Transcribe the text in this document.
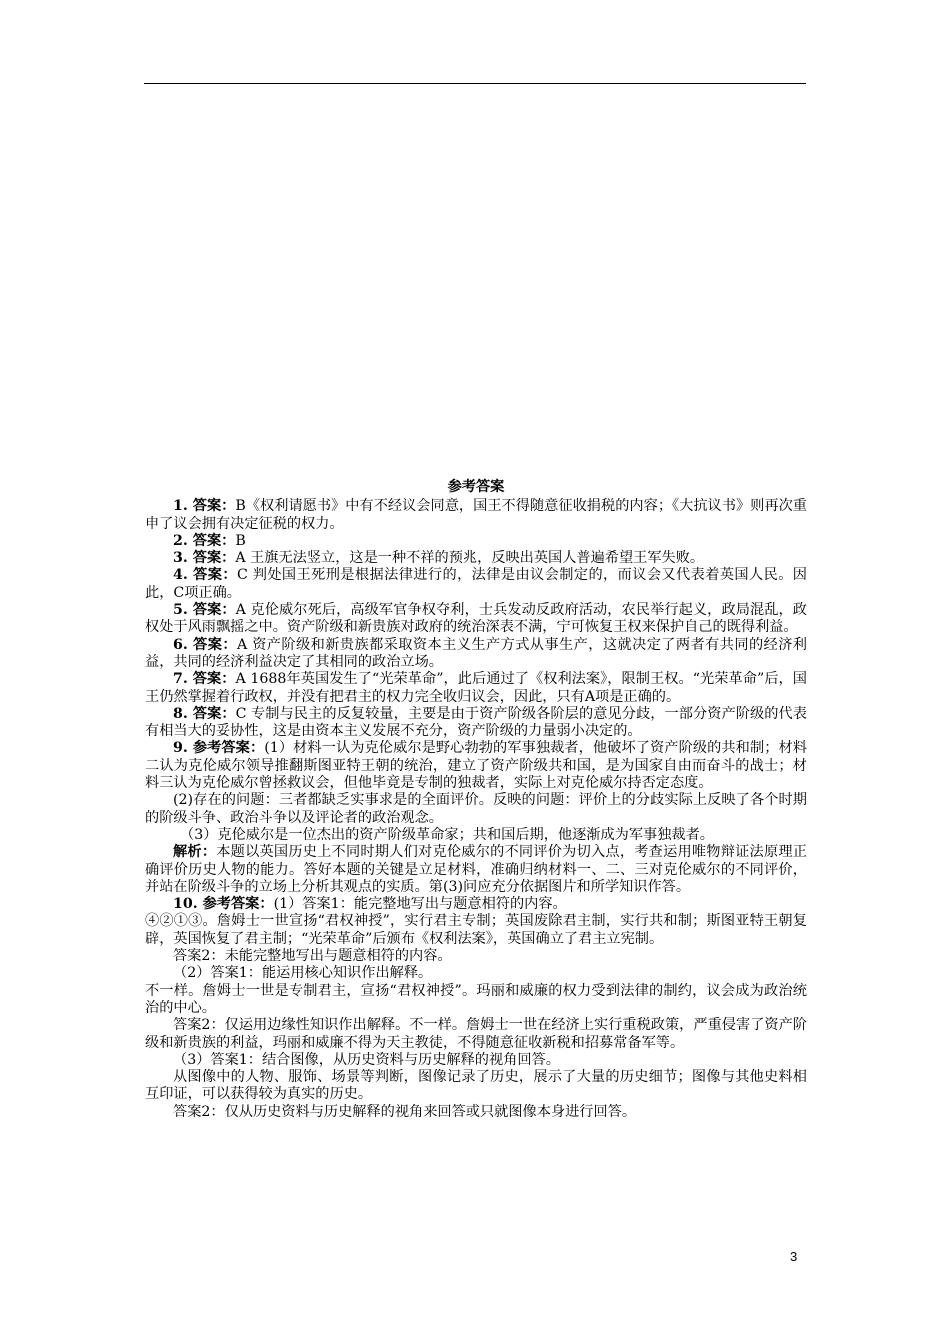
参考答案

1. 答案：B《权利请愿书》中有不经议会同意，国王不得随意征收捐税的内容；《大抗议书》则再次重申了议会拥有决定征税的权力。

2. 答案：B

3. 答案：A 王旗无法竖立，这是一种不祥的预兆，反映出英国人普遍希望王军失败。

4. 答案：C 判处国王死刑是根据法律进行的，法律是由议会制定的，而议会又代表着英国人民。因此，C项正确。

5. 答案：A 克伦威尔死后，高级军官争权夺利，士兵发动反政府活动，农民举行起义，政局混乱，政权处于风雨飘摇之中。资产阶级和新贵族对政府的统治深表不满，宁可恢复王权来保护自己的既得利益。

6. 答案：A 资产阶级和新贵族都采取资本主义生产方式从事生产，这就决定了两者有共同的经济利益，共同的经济利益决定了其相同的政治立场。

7. 答案：A 1688年英国发生了“光荣革命”，此后通过了《权利法案》，限制王权。“光荣革命”后，国王仍然掌握着行政权，并没有把君主的权力完全收归议会，因此，只有A项是正确的。

8. 答案：C 专制与民主的反复较量，主要是由于资产阶级各阶层的意见分歧，一部分资产阶级的代表有相当大的妥协性，这是由资本主义发展不充分，资产阶级的力量弱小决定的。

9. 参考答案：(1）材料一认为克伦威尔是野心勃勃的军事独裁者，他破坏了资产阶级的共和制；材料二认为克伦威尔领导推翻斯图亚特王朝的统治，建立了资产阶级共和国，是为国家自由而奋斗的战士；材料三认为克伦威尔曾拯救议会，但他毕竟是专制的独裁者，实际上对克伦威尔持否定态度。

(2)存在的问题：三者都缺乏实事求是的全面评价。反映的问题：评价上的分歧实际上反映了各个时期的阶级斗争、政治斗争以及评论者的政治观念。

（3）克伦威尔是一位杰出的资产阶级革命家；共和国后期，他逐渐成为军事独裁者。

解析：本题以英国历史上不同时期人们对克伦威尔的不同评价为切入点，考查运用唯物辩证法原理正确评价历史人物的能力。答好本题的关键是立足材料，准确归纳材料一、二、三对克伦威尔的不同评价，并站在阶级斗争的立场上分析其观点的实质。第(3)问应充分依据图片和所学知识作答。

10. 参考答案：(1）答案1：能完整地写出与题意相符的内容。

④②①③。詹姆士一世宣扬“君权神授”，实行君主专制；英国废除君主制，实行共和制；斯图亚特王朝复辟，英国恢复了君主制；“光荣革命”后颁布《权利法案》，英国确立了君主立宪制。

答案2：未能完整地写出与题意相符的内容。

（2）答案1：能运用核心知识作出解释。

不一样。詹姆士一世是专制君主，宣扬“君权神授”。玛丽和威廉的权力受到法律的制约，议会成为政治统治的中心。

答案2：仅运用边缘性知识作出解释。不一样。詹姆士一世在经济上实行重税政策，严重侵害了资产阶级和新贵族的利益，玛丽和威廉不得为天主教徒，不得随意征收新税和招募常备军等。

（3）答案1：结合图像，从历史资料与历史解释的视角回答。

从图像中的人物、服饰、场景等判断，图像记录了历史，展示了大量的历史细节；图像与其他史料相互印证，可以获得较为真实的历史。

答案2：仅从历史资料与历史解释的视角来回答或只就图像本身进行回答。

3
